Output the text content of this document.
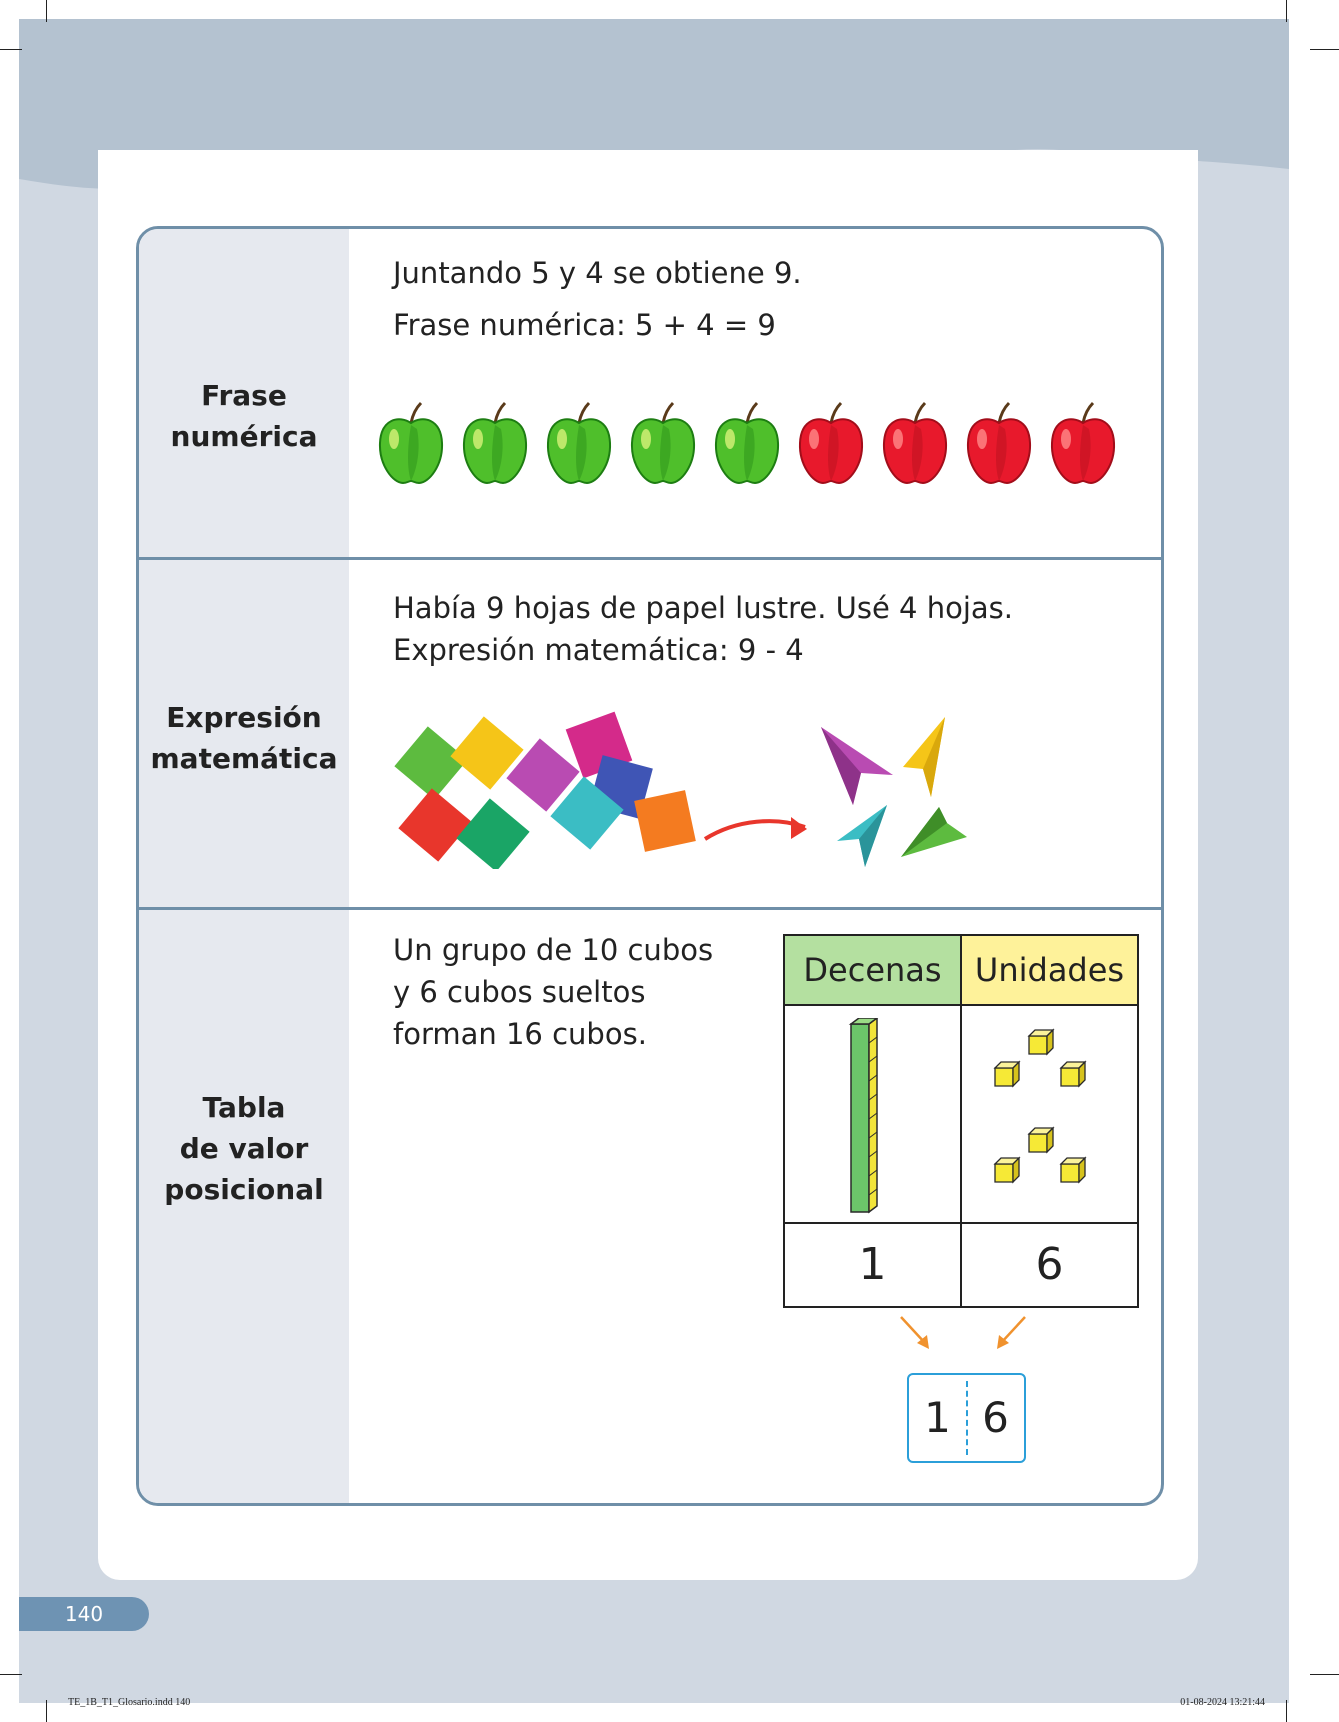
Frase
numérica
Juntando 5 y 4 se obtiene 9.
Frase numérica: 5 + 4 = 9
Expresión
matemática
Había 9 hojas de papel lustre. Usé 4 hojas.
Expresión matemática: 9 - 4
Tabla
de valor
posicional
Un grupo de 10 cubos
y 6 cubos sueltos
forman 16 cubos.
Decenas	Unidades
1	6
1 6
140
TE_1B_T1_Glosario.indd 140	01-08-2024 13:21:44
